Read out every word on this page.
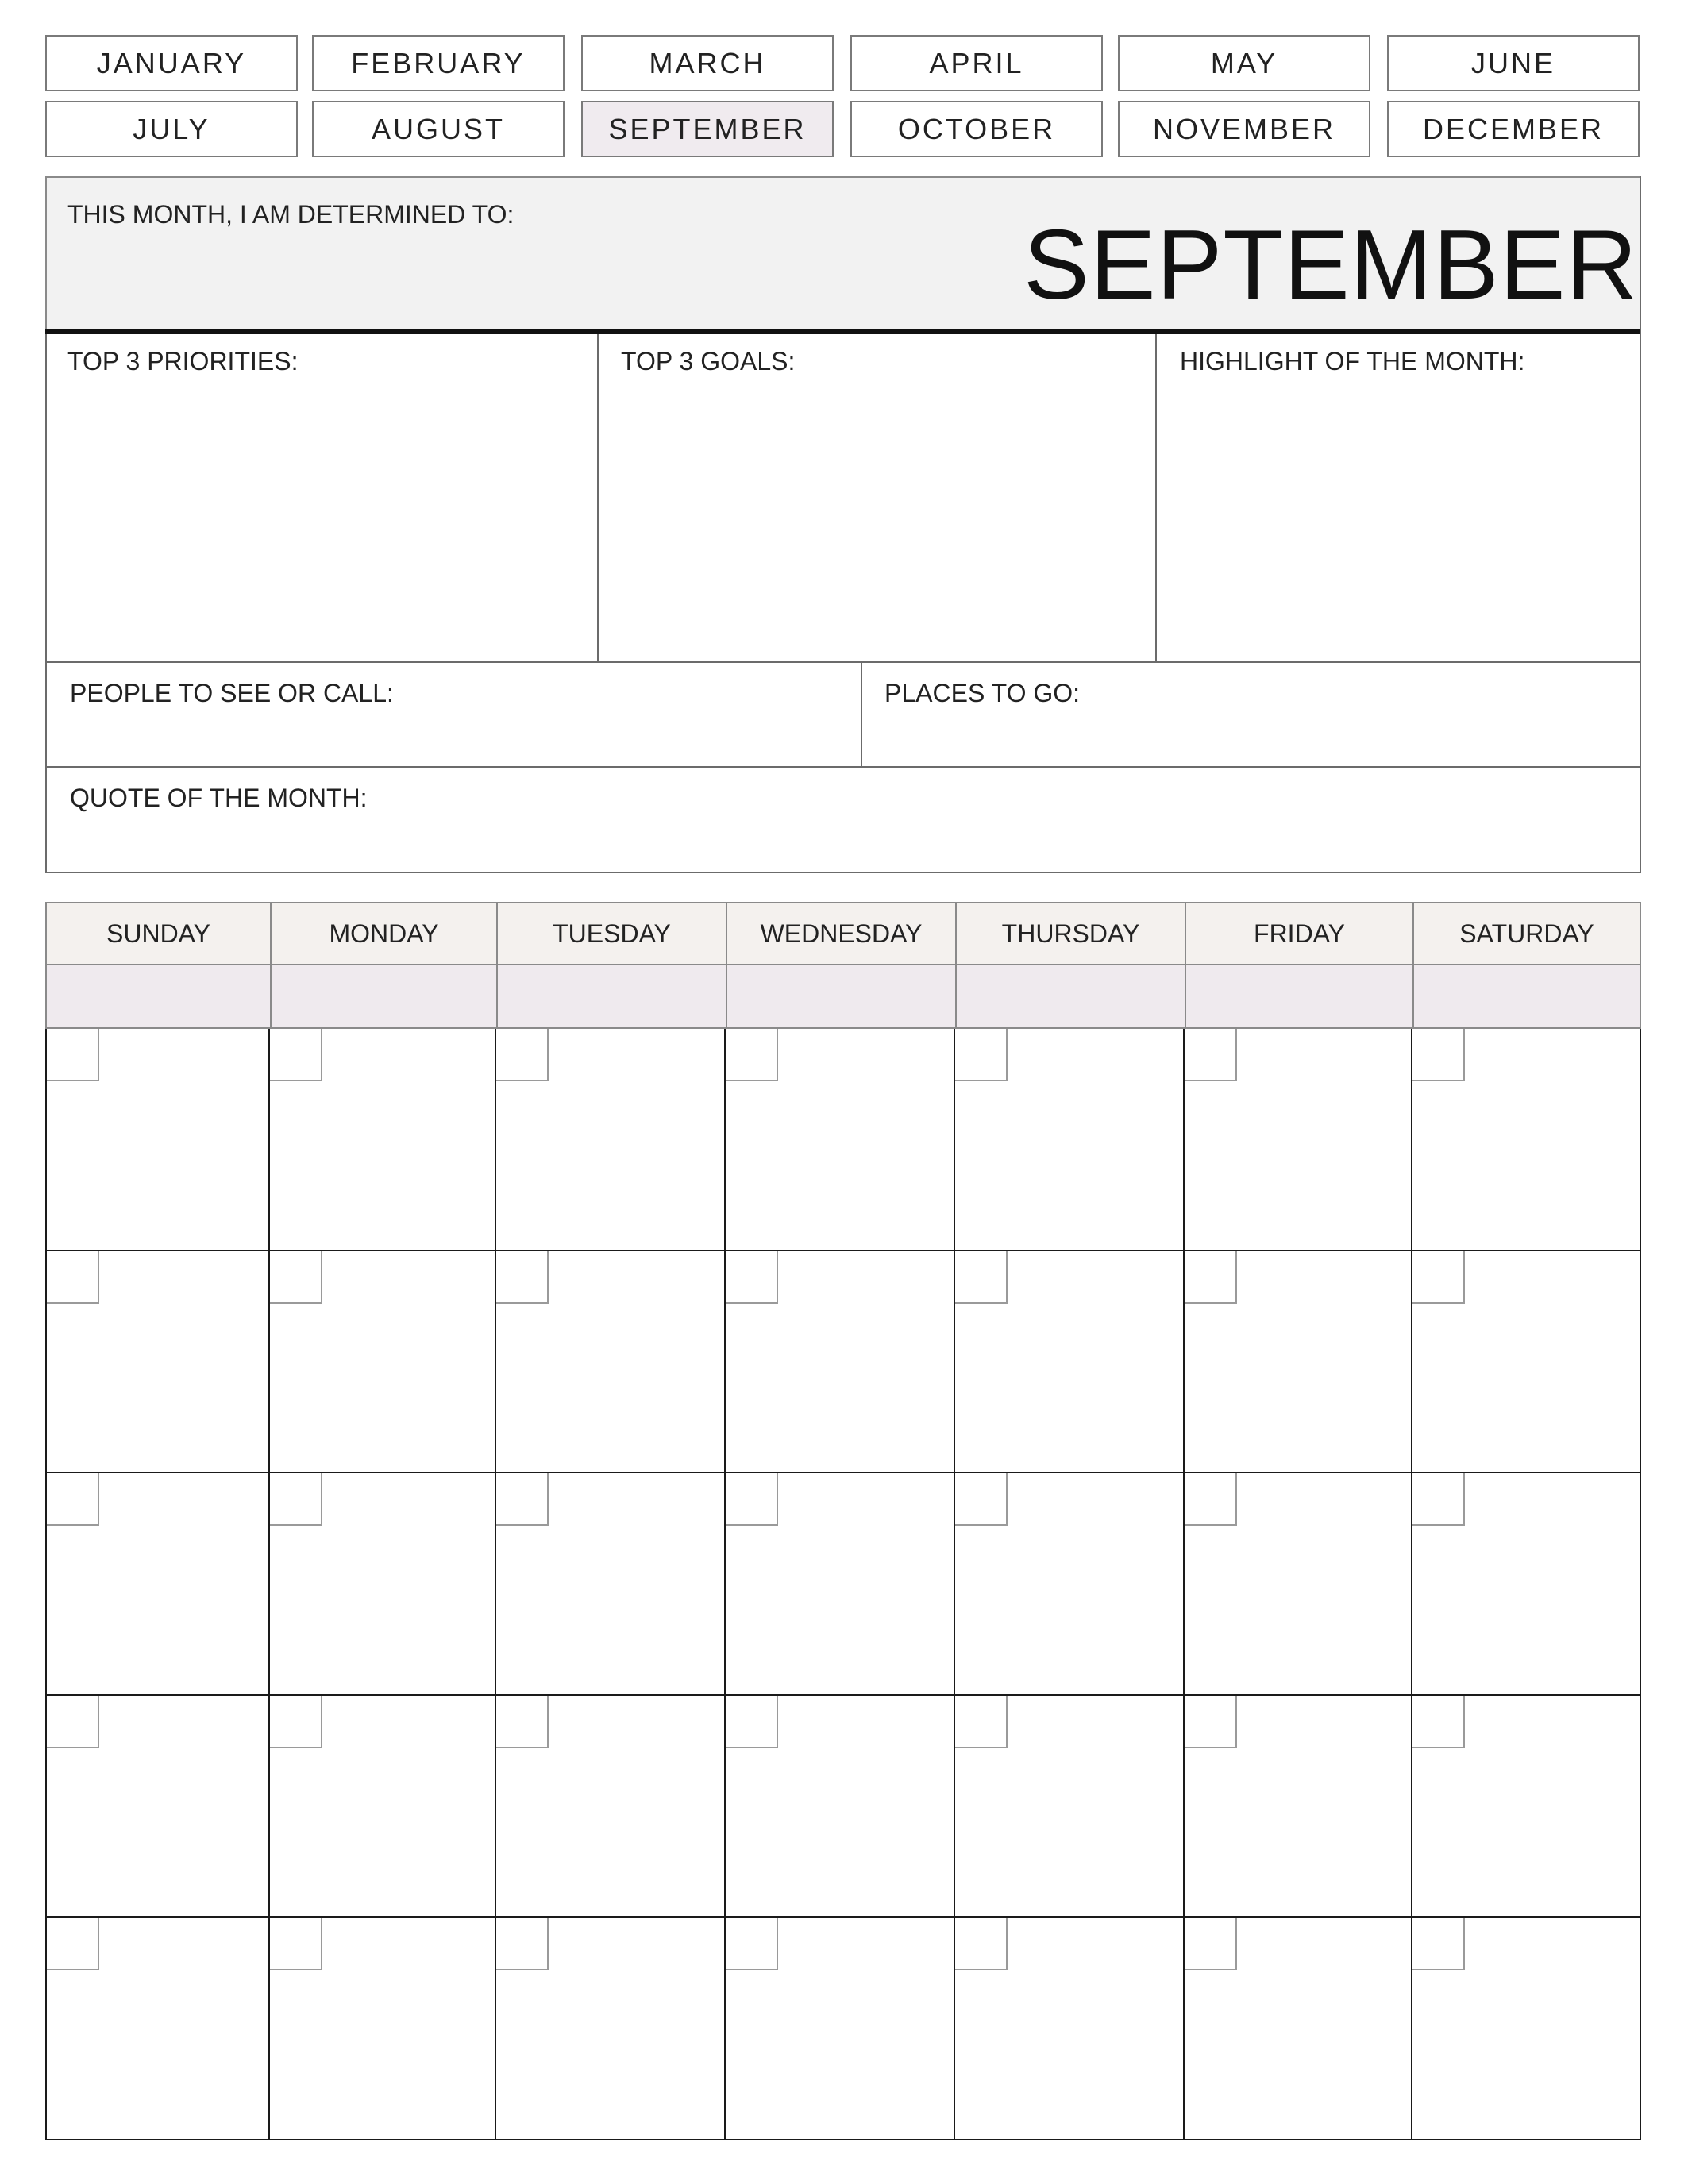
JANUARY	FEBRUARY	MARCH	APRIL	MAY	JUNE
JULY	AUGUST	SEPTEMBER	OCTOBER	NOVEMBER	DECEMBER
THIS MONTH, I AM DETERMINED TO:	SEPTEMBER
TOP 3 PRIORITIES:	TOP 3 GOALS:	HIGHLIGHT OF THE MONTH:
PEOPLE TO SEE OR CALL:	PLACES TO GO:
QUOTE OF THE MONTH:
SUNDAY	MONDAY	TUESDAY	WEDNESDAY	THURSDAY	FRIDAY	SATURDAY
